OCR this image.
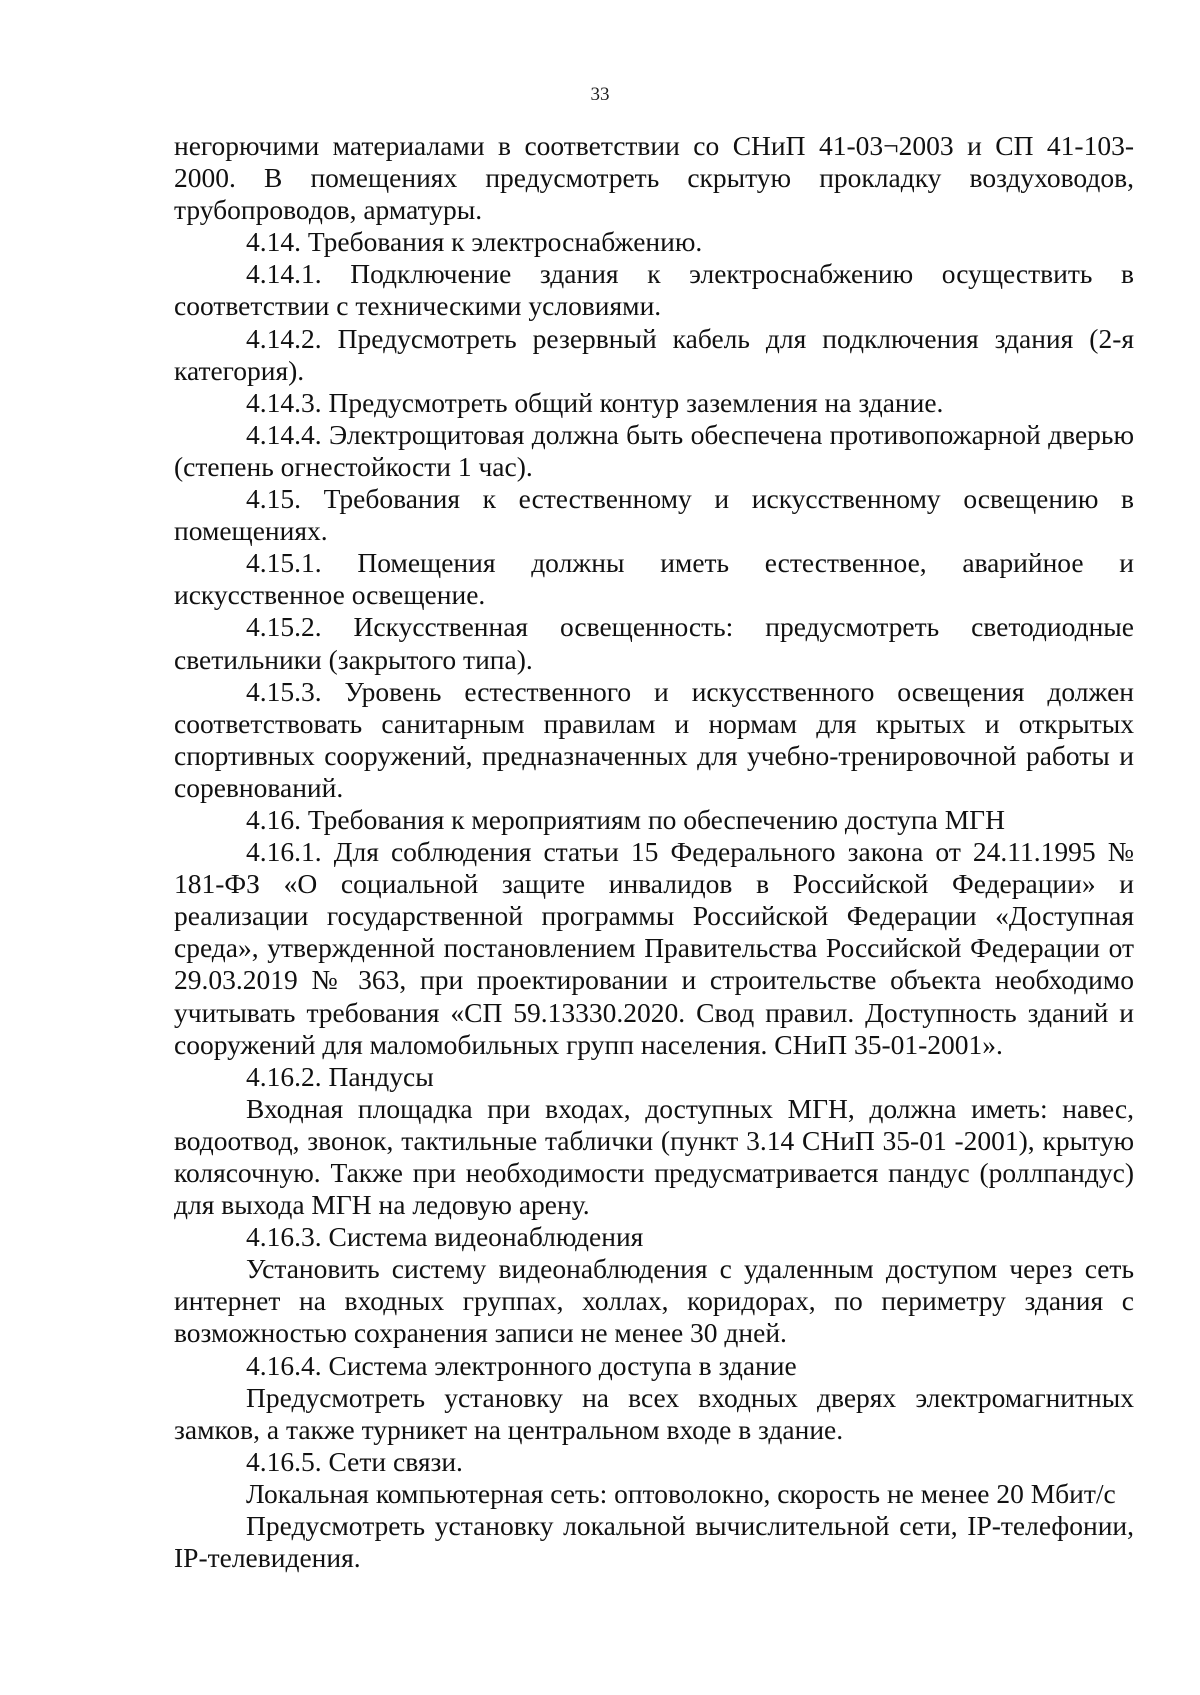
33

негорючими материалами в соответствии со СНиП 41-03¬2003 и СП 41-103-2000. В помещениях предусмотреть скрытую прокладку воздуховодов, трубопроводов, арматуры.

4.14. Требования к электроснабжению.

4.14.1. Подключение здания к электроснабжению осуществить в соответствии с техническими условиями.

4.14.2. Предусмотреть резервный кабель для подключения здания (2-я категория).

4.14.3. Предусмотреть общий контур заземления на здание.

4.14.4. Электрощитовая должна быть обеспечена противопожарной дверью (степень огнестойкости 1 час).

4.15. Требования к естественному и искусственному освещению в помещениях.

4.15.1. Помещения должны иметь естественное, аварийное и искусственное освещение.

4.15.2. Искусственная освещенность: предусмотреть светодиодные светильники (закрытого типа).

4.15.3. Уровень естественного и искусственного освещения должен соответствовать санитарным правилам и нормам для крытых и открытых спортивных сооружений, предназначенных для учебно-тренировочной работы и соревнований.

4.16. Требования к мероприятиям по обеспечению доступа МГН

4.16.1. Для соблюдения статьи 15 Федерального закона от 24.11.1995 № 181-ФЗ «О социальной защите инвалидов в Российской Федерации» и реализации государственной программы Российской Федерации «Доступная среда», утвержденной постановлением Правительства Российской Федерации от 29.03.2019 № 363, при проектировании и строительстве объекта необходимо учитывать требования «СП 59.13330.2020. Свод правил. Доступность зданий и сооружений для маломобильных групп населения. СНиП 35-01-2001».

4.16.2. Пандусы

Входная площадка при входах, доступных МГН, должна иметь: навес, водоотвод, звонок, тактильные таблички (пункт 3.14 СНиП 35-01 -2001), крытую колясочную. Также при необходимости предусматривается пандус (роллпандус) для выхода МГН на ледовую арену.

4.16.3. Система видеонаблюдения

Установить систему видеонаблюдения с удаленным доступом через сеть интернет на входных группах, холлах, коридорах, по периметру здания с возможностью сохранения записи не менее 30 дней.

4.16.4. Система электронного доступа в здание

Предусмотреть установку на всех входных дверях электромагнитных замков, а также турникет на центральном входе в здание.

4.16.5. Сети связи.

Локальная компьютерная сеть: оптоволокно, скорость не менее 20 Мбит/с

Предусмотреть установку локальной вычислительной сети, IP-телефонии, IP-телевидения.
